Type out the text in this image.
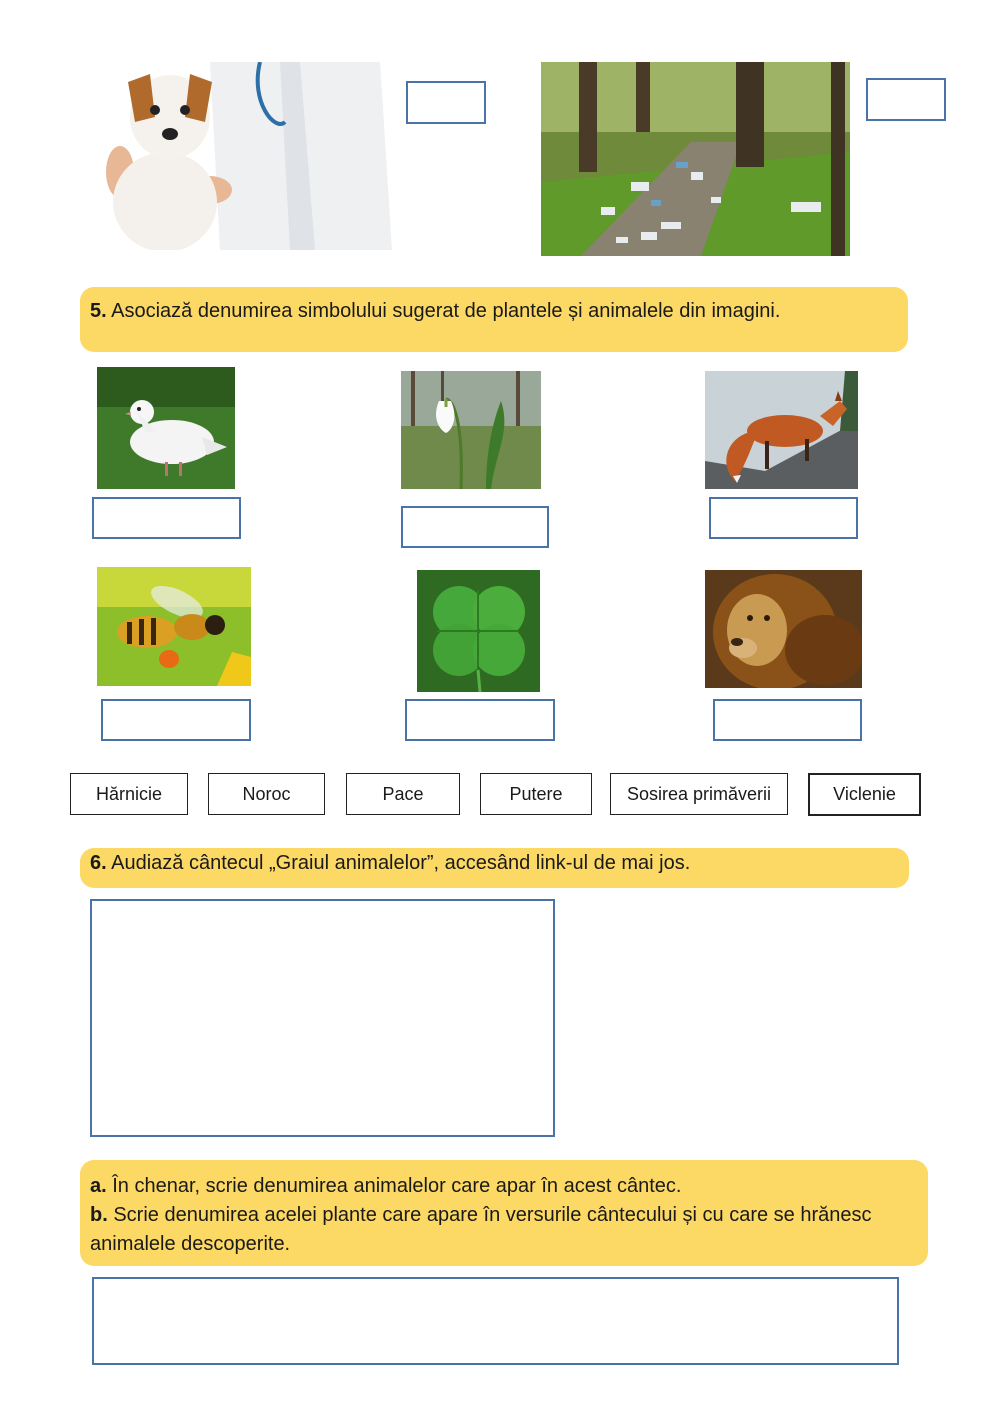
5. Asociază denumirea simbolului sugerat de plantele și animalele din imagini.
Hărnicie	Noroc	Pace	Putere	Sosirea primăverii	Viclenie
6. Audiază cântecul „Graiul animalelor”, accesând link-ul de mai jos.
a. În chenar, scrie denumirea animalelor care apar în acest cântec.
b. Scrie denumirea acelei plante care apare în versurile cântecului și cu care se hrănesc animalele descoperite.
